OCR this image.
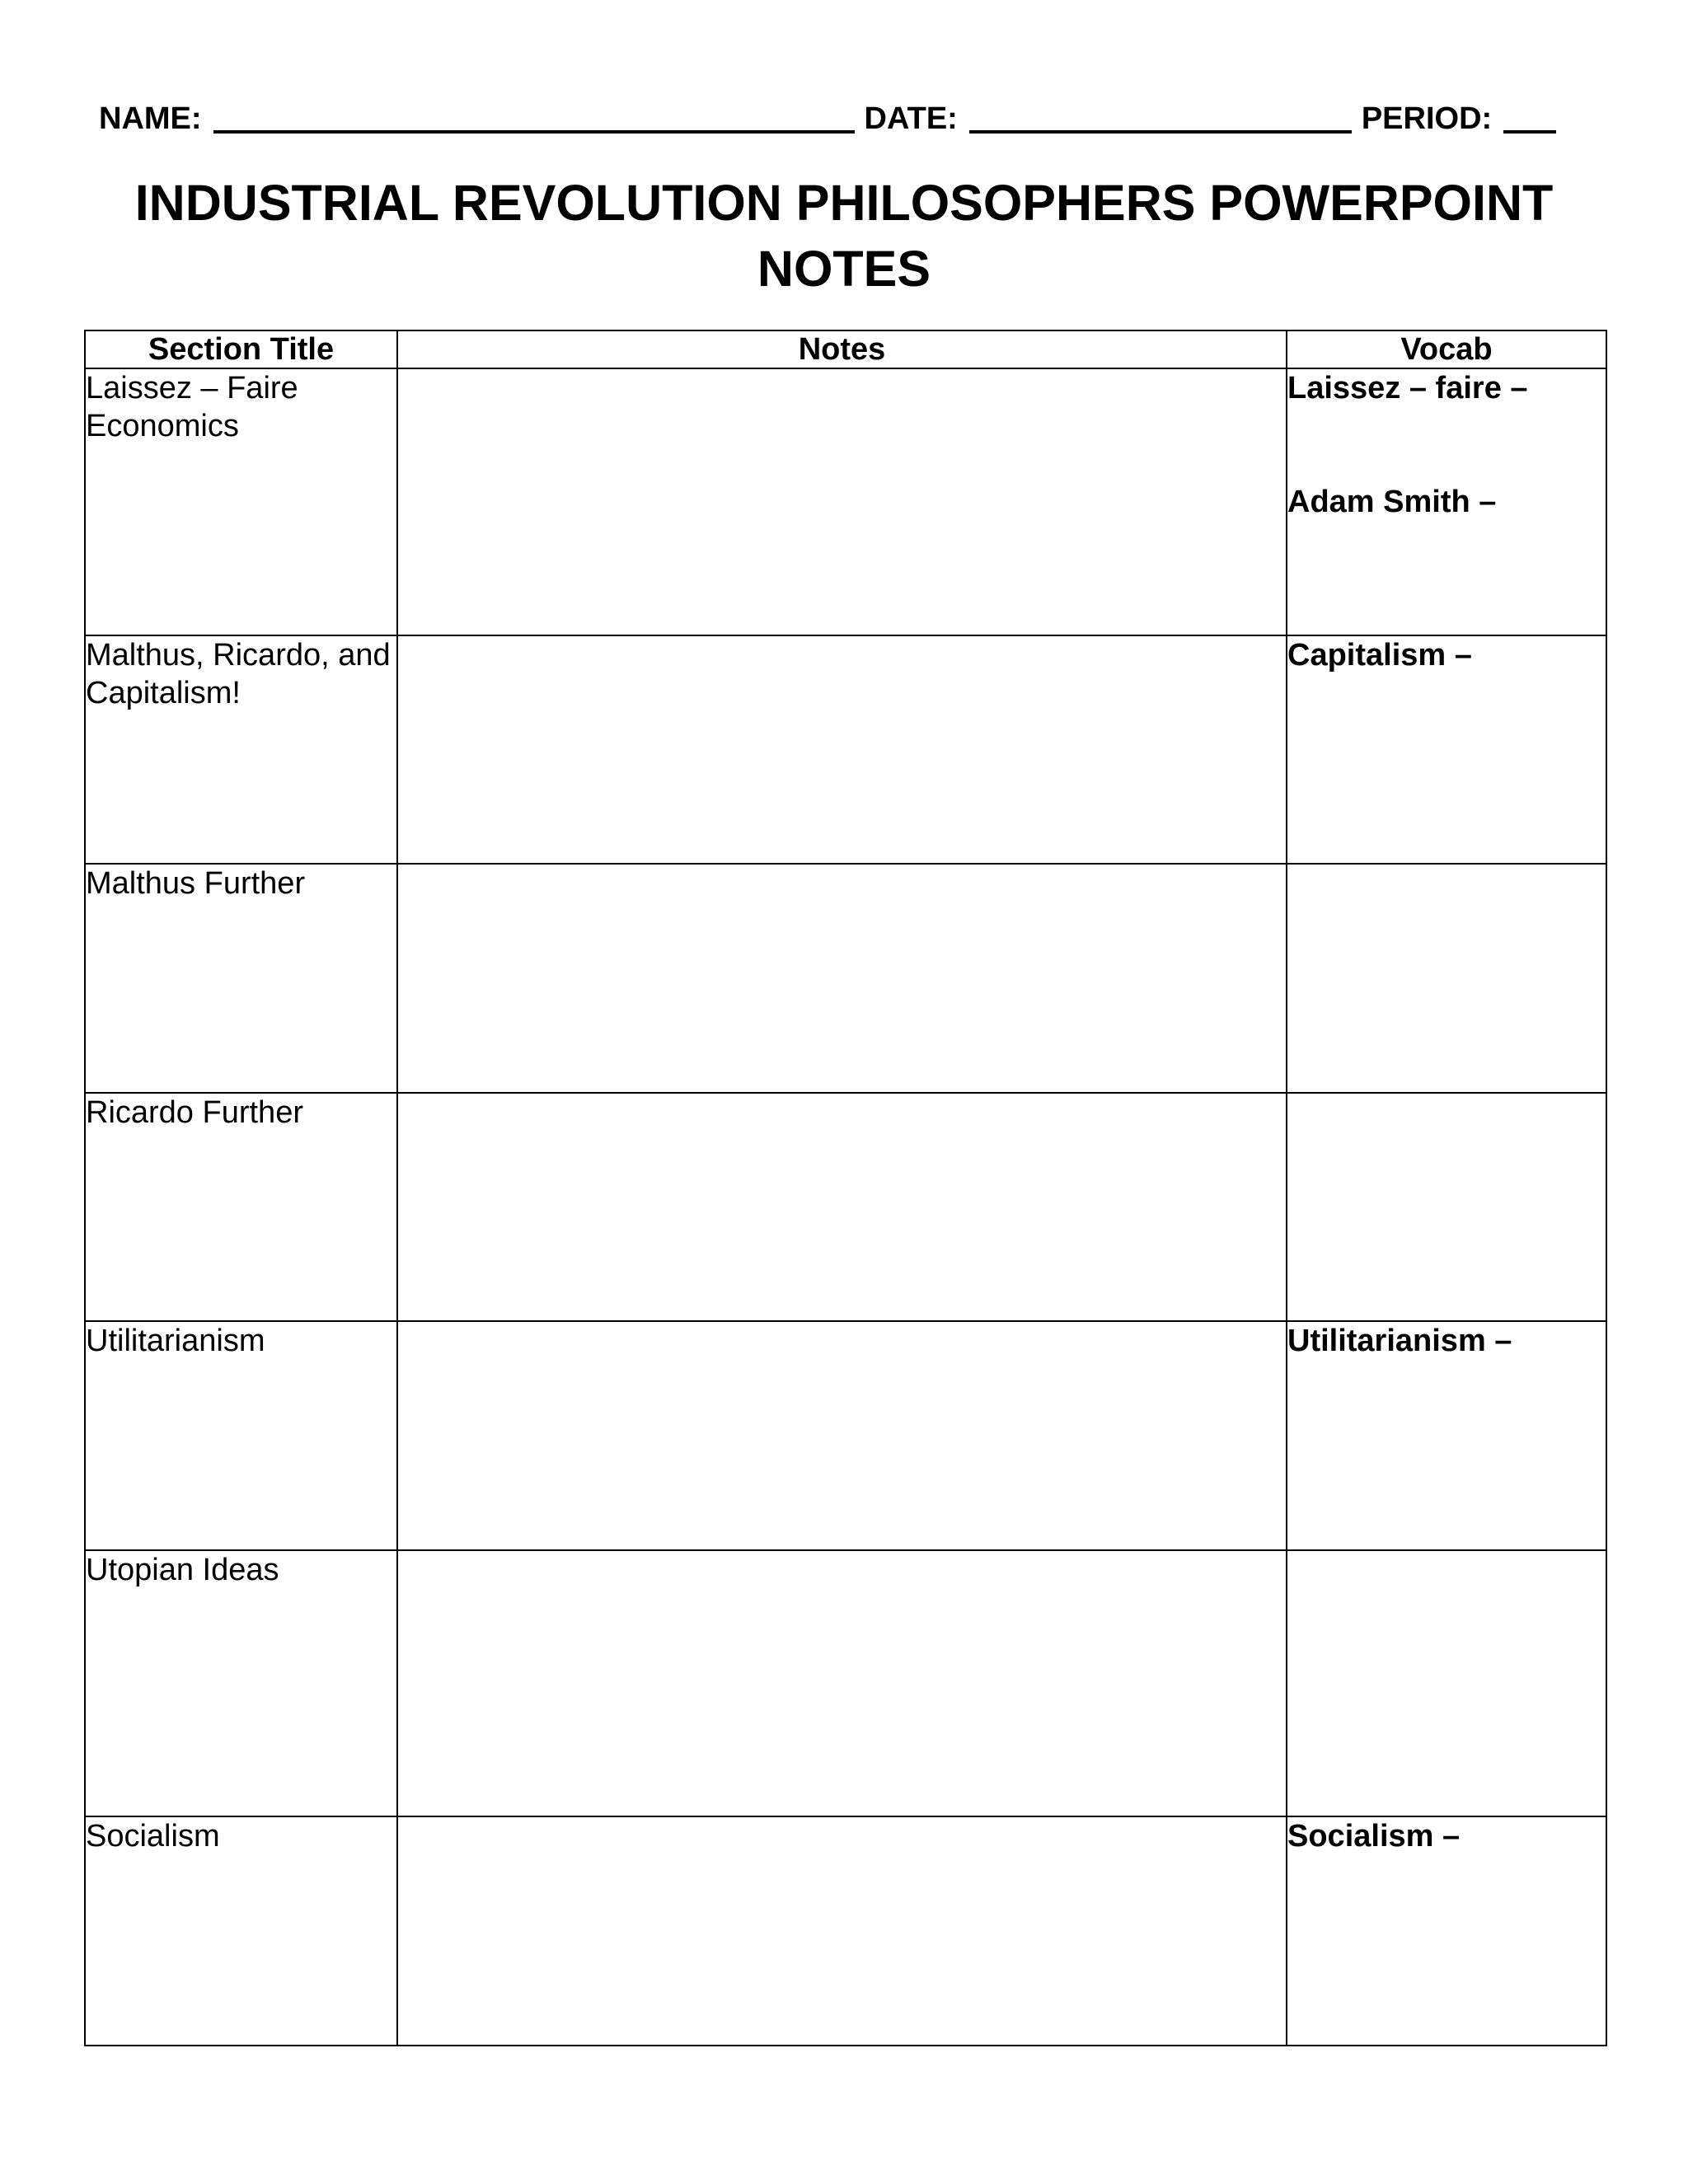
NAME:	DATE:	PERIOD:
INDUSTRIAL REVOLUTION PHILOSOPHERS POWERPOINT NOTES
Section Title	Notes	Vocab
Laissez – Faire Economics		Laissez – faire –
Adam Smith –

Malthus, Ricardo, and Capitalism!		Capitalism –

Malthus Further		
Ricardo Further		
Utilitarianism		Utilitarianism –

Utopian Ideas		
Socialism		Socialism –
